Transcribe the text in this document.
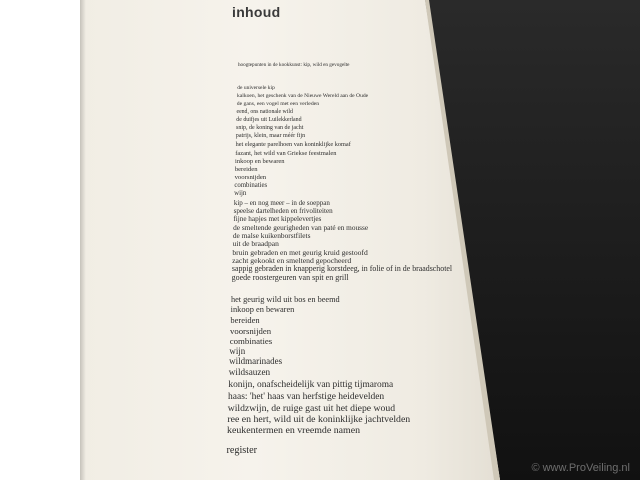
inhoud
hoogtepunten in de kookkunst: kip, wild en gevogelte
de universele kip
kalkoen, het geschenk van de Nieuwe Wereld aan de Oude
de gans, een vogel met een verleden
eend, ons nationale wild
de duifjes uit Luilekkerland
snip, de koning van de jacht
patrijs, klein, maar méér fijn
het elegante parelhoen van koninklijke komaf
fazant, het wild van Griekse feestmalen
inkoop en bewaren
bereiden
voorsnijden
combinaties
wijn
kip – en nog meer – in de soeppan
speelse dartelheden en frivoliteiten
fijne hapjes met kippelevertjes
de smeltende geurigheden van paté en mousse
de malse kuikenborstfilets
uit de braadpan
bruin gebraden en met geurig kruid gestoofd
zacht gekookt en smeltend gepocheerd
sappig gebraden in knapperig korstdeeg, in folie of in de braadschotel
goede roostergeuren van spit en grill
het geurig wild uit bos en beemd
inkoop en bewaren
bereiden
voorsnijden
combinaties
wijn
wildmarinades
wildsauzen
konijn, onafscheidelijk van pittig tijmaroma
haas: 'het' haas van herfstige heidevelden
wildzwijn, de ruige gast uit het diepe woud
ree en hert, wild uit de koninklijke jachtvelden
keukentermen en vreemde namen
register
© www.ProVeiling.nl
